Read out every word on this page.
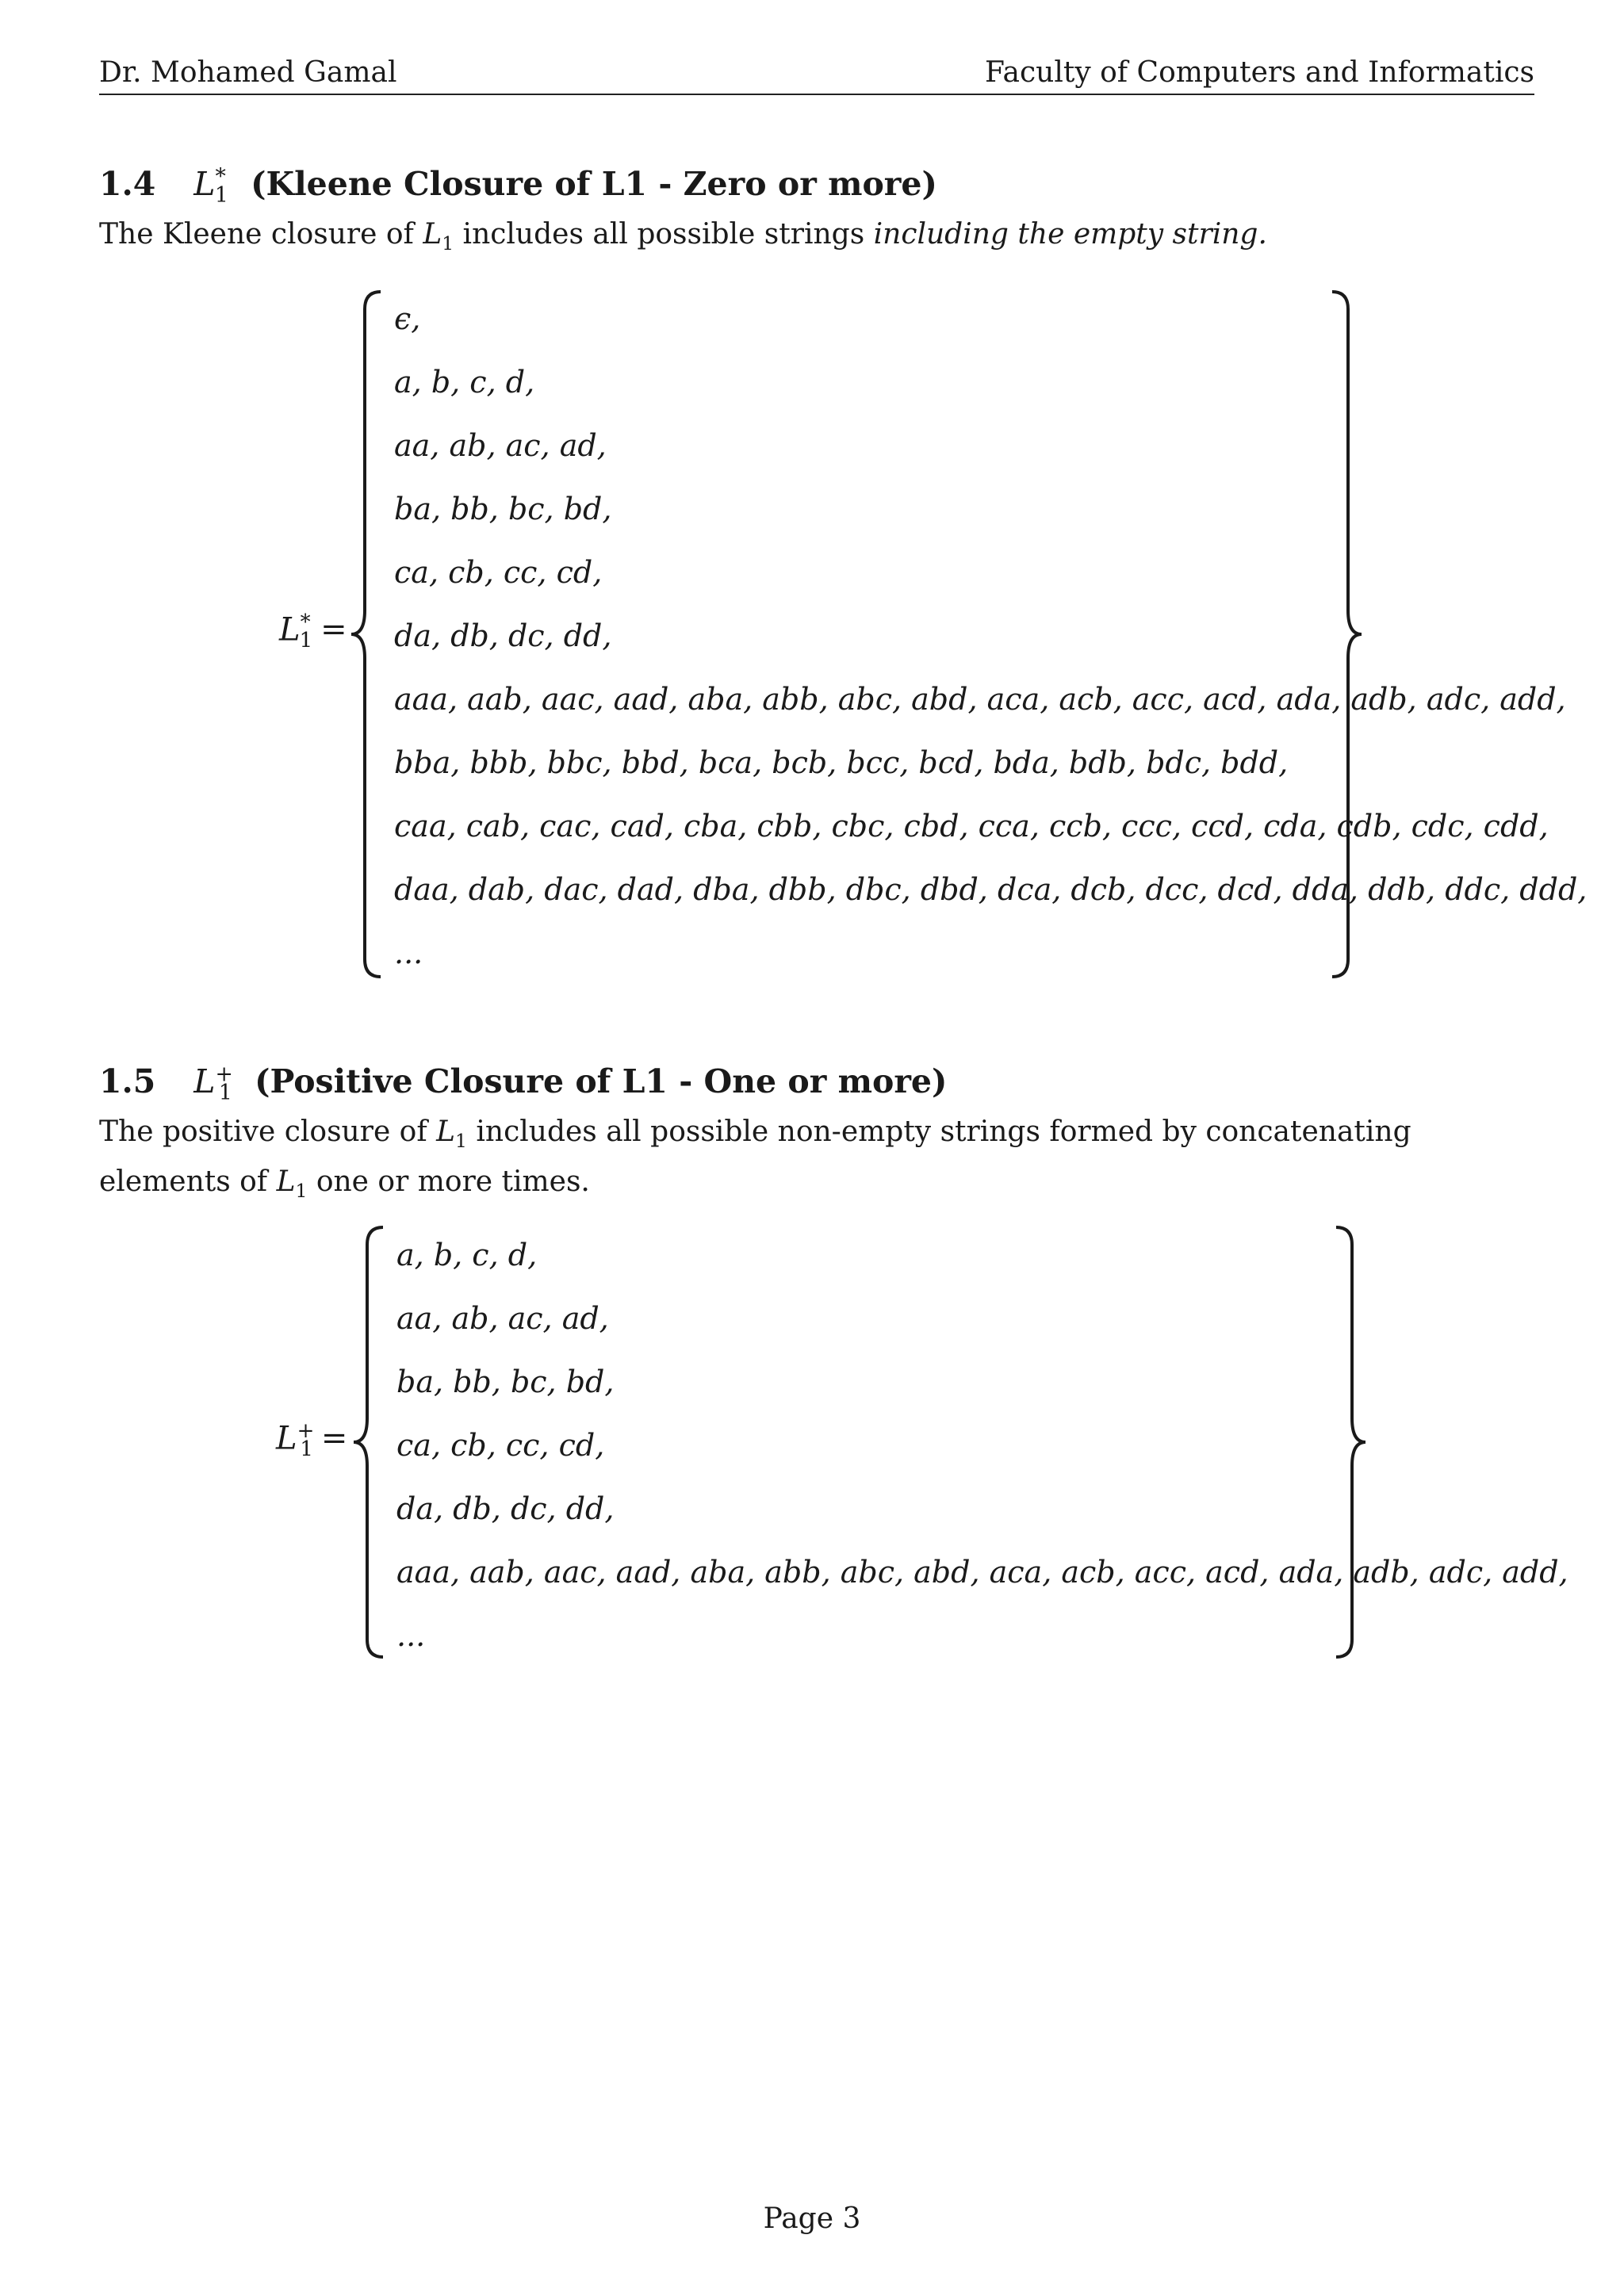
Dr. Mohamed Gamal	Faculty of Computers and Informatics
1.4 $L^*_1$ (Kleene Closure of L1 - Zero or more)
The Kleene closure of $L_1$ includes all possible strings including the empty string.
$L^*_1$ =
ϵ,
a, b, c, d,
aa, ab, ac, ad,
ba, bb, bc, bd,
ca, cb, cc, cd,
da, db, dc, dd,
aaa, aab, aac, aad, aba, abb, abc, abd, aca, acb, acc, acd, ada, adb, adc, add,
bba, bbb, bbc, bbd, bca, bcb, bcc, bcd, bda, bdb, bdc, bdd,
caa, cab, cac, cad, cba, cbb, cbc, cbd, cca, ccb, ccc, ccd, cda, cdb, cdc, cdd,
daa, dab, dac, dad, dba, dbb, dbc, dbd, dca, dcb, dcc, dcd, dda, ddb, ddc, ddd,
...
1.5 $L^+_1$ (Positive Closure of L1 - One or more)
The positive closure of $L_1$ includes all possible non-empty strings formed by concatenating elements of $L_1$ one or more times.
$L^+_1$ =
a, b, c, d,
aa, ab, ac, ad,
ba, bb, bc, bd,
ca, cb, cc, cd,
da, db, dc, dd,
aaa, aab, aac, aad, aba, abb, abc, abd, aca, acb, acc, acd, ada, adb, adc, add,
...
Page 3
